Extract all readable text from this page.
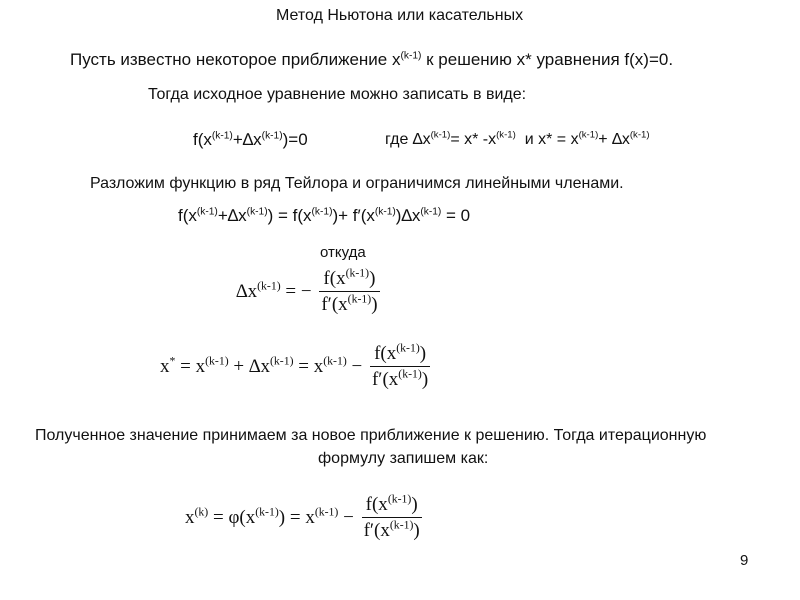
Метод Ньютона или касательных
Пусть известно некоторое приближение $x^{(k-1)}$ к решению x* уравнения f(x)=0.
Тогда исходное уравнение можно записать в виде:
$f(x^{(k-1)}+\Delta x^{(k-1)})=0$	где $\Delta x^{(k-1)}= x*$ $-x^{(k-1)}$  и $x* = x^{(k-1)}+ \Delta x^{(k-1)}$
Разложим функцию в ряд Тейлора и ограничимся линейными членами.
$f(x^{(k-1)}+\Delta x^{(k-1)}) = f(x^{(k-1)})+ f'(x^{(k-1)})\Delta x^{(k-1)} = 0$
откуда
$\Delta x^{(k-1)}$ = − $\frac{f(x^{(k-1)})}{f'(x^{(k-1)})}$
$x^* = x^{(k-1)} + \Delta x^{(k-1)} = x^{(k-1)} - \frac{f(x^{(k-1)})}{f'(x^{(k-1)})}$
Полученное значение принимаем за новое приближение к решению. Тогда итерационную
формулу запишем как:
$x^{(k)} = \varphi(x^{(k-1)}) = x^{(k-1)} - \frac{f(x^{(k-1)})}{f'(x^{(k-1)})}$
9
